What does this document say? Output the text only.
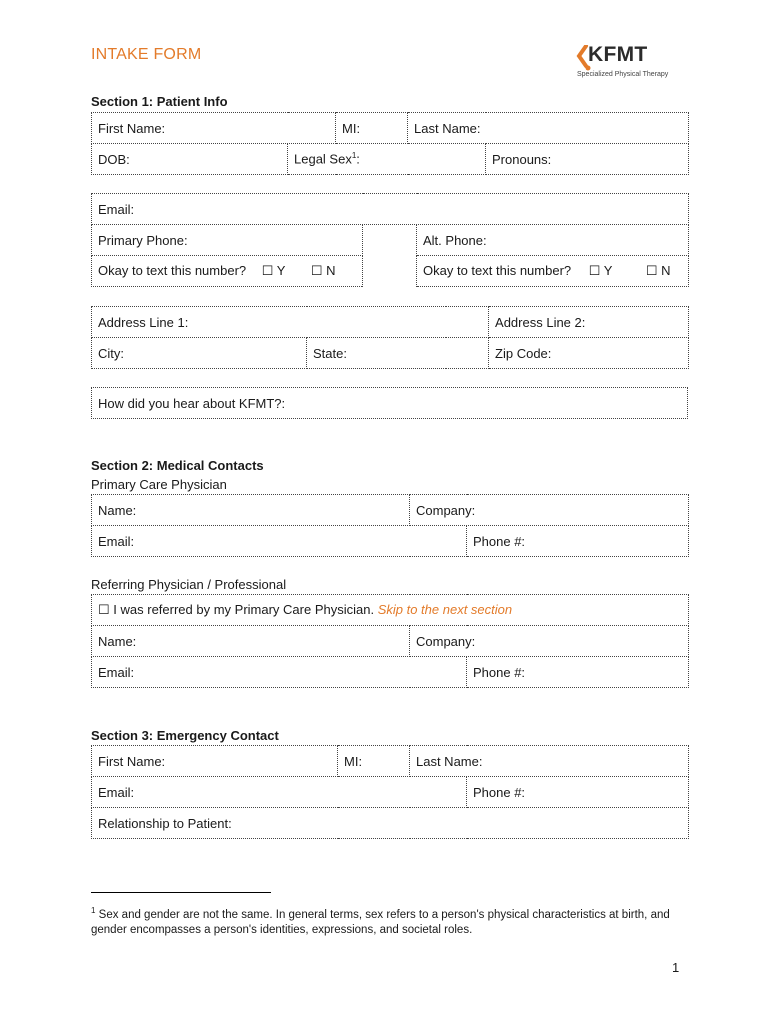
INTAKE FORM	KFMT
Specialized Physical Therapy
Section 1: Patient Info
First Name:		MI:	Last Name:	
DOB:	Legal Sex$^1$:			Pronouns:
Email:		
Primary Phone:		Alt. Phone:
Okay to text this number? ☐ Y ☐ N		Okay to text this number? ☐ Y ☐ N
Address Line 1:		Address Line 2:
City:	State:	Zip Code:
How did you hear about KFMT?:
Section 2: Medical Contacts
Primary Care Physician
Name:	Company:	
Email:		Phone #:
Referring Physician / Professional
☐ I was referred by my Primary Care Physician. Skip to the next section		
Name:	Company:	
Email:		Phone #:
Section 3: Emergency Contact
First Name:	MI:	Last Name:	
Email:			Phone #:
Relationship to Patient:			
$^1$ Sex and gender are not the same. In general terms, sex refers to a person's physical characteristics at birth, and gender encompasses a person's identities, expressions, and societal roles.
1
